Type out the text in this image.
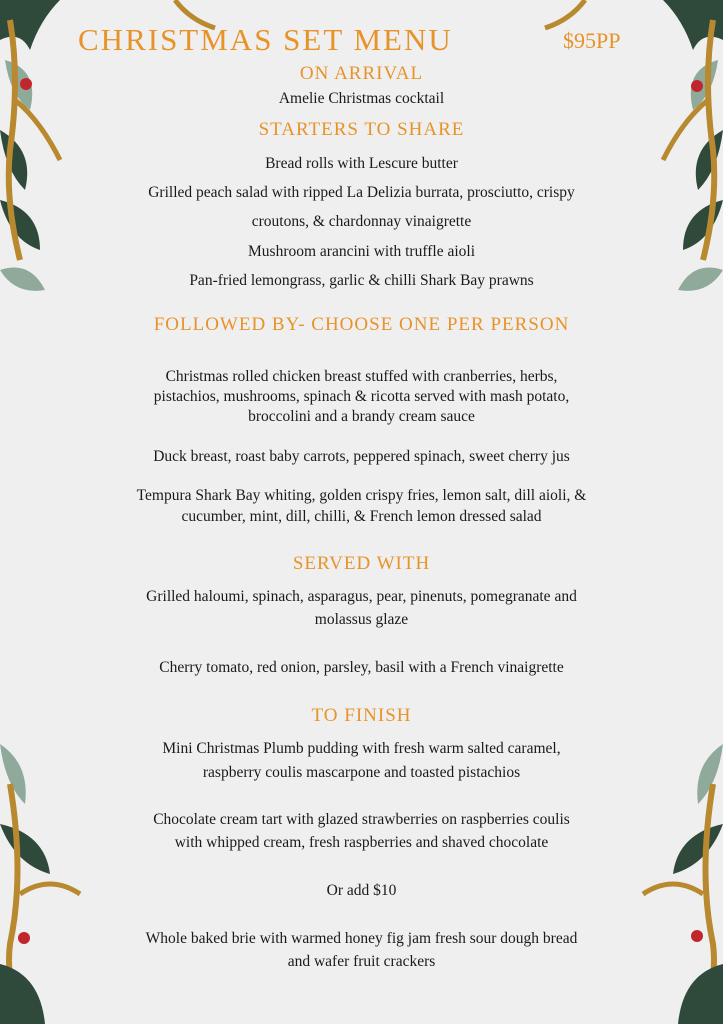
CHRISTMAS SET MENU	$95PP
ON ARRIVAL
Amelie Christmas cocktail
STARTERS TO SHARE
Bread rolls with Lescure butter
Grilled peach salad with ripped La Delizia burrata, prosciutto, crispy
croutons, & chardonnay vinaigrette
Mushroom arancini with truffle aioli
Pan-fried lemongrass, garlic & chilli Shark Bay prawns
FOLLOWED BY- CHOOSE ONE PER PERSON
Christmas rolled chicken breast stuffed with cranberries, herbs,
pistachios, mushrooms, spinach & ricotta served with mash potato,
broccolini and a brandy cream sauce
Duck breast, roast baby carrots, peppered spinach, sweet cherry jus
Tempura Shark Bay whiting, golden crispy fries, lemon salt, dill aioli, &
cucumber, mint, dill, chilli, & French lemon dressed salad
SERVED WITH
Grilled haloumi, spinach, asparagus, pear, pinenuts, pomegranate and
molassus glaze
Cherry tomato, red onion, parsley, basil with a French vinaigrette
TO FINISH
Mini Christmas Plumb pudding with fresh warm salted caramel,
raspberry coulis mascarpone and toasted pistachios
Chocolate cream tart with glazed strawberries on raspberries coulis
with whipped cream, fresh raspberries and shaved chocolate
Or add $10
Whole baked brie with warmed honey fig jam fresh sour dough bread
and wafer fruit crackers
